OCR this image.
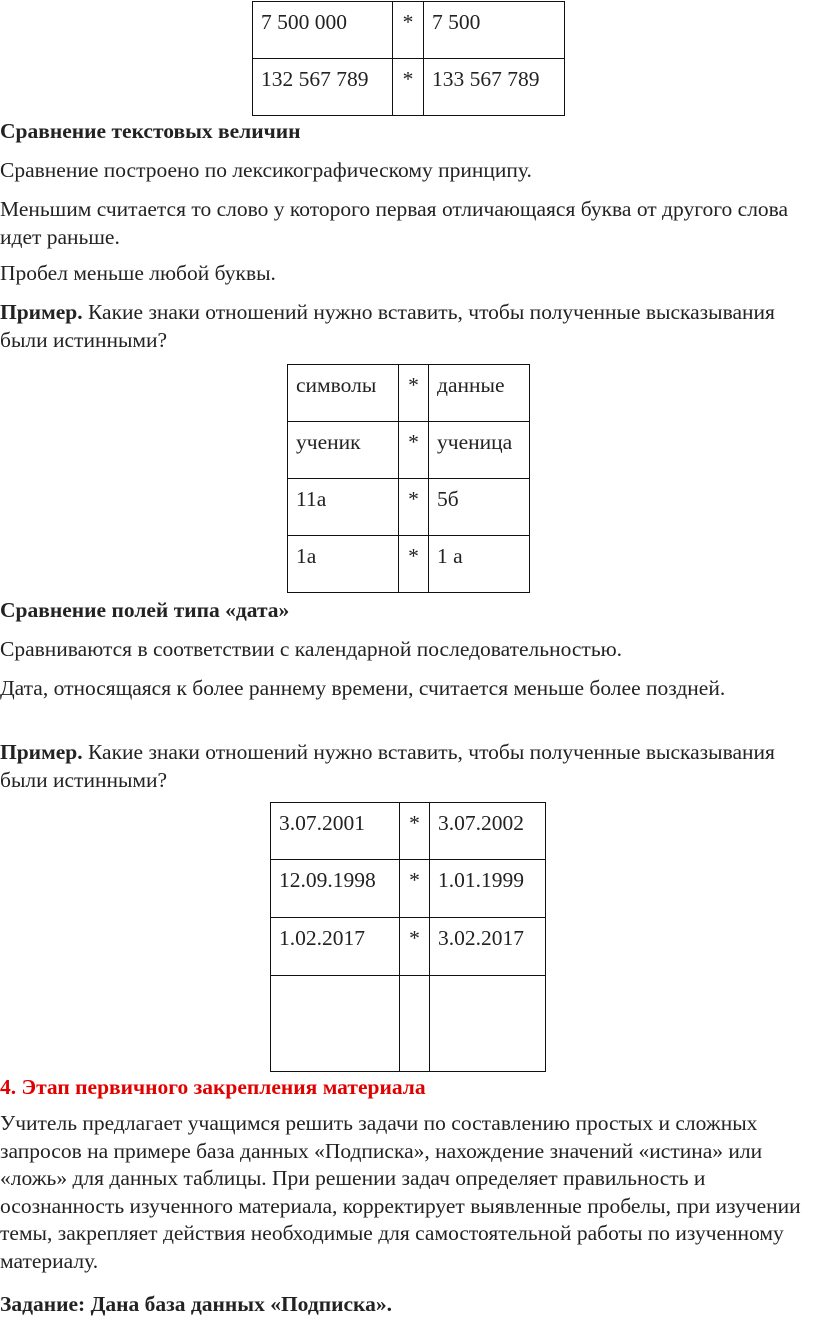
7 500 000	*	7 500
132 567 789	*	133 567 789

Сравнение текстовых величин

Сравнение построено по лексикографическому принципу.

Меньшим считается то слово у которого первая отличающаяся буква от другого слова идет раньше.

Пробел меньше любой буквы.

Пример. Какие знаки отношений нужно вставить, чтобы полученные высказывания были истинными?

символы	*	данные
ученик	*	ученица
11а	*	5б
1а	*	1 а

Сравнение полей типа «дата»

Сравниваются в соответствии с календарной последовательностью.

Дата, относящаяся к более раннему времени, считается меньше более поздней.

Пример. Какие знаки отношений нужно вставить, чтобы полученные высказывания были истинными?

3.07.2001	*	3.07.2002
12.09.1998	*	1.01.1999
1.02.2017	*	3.02.2017

4. Этап первичного закрепления материала

Учитель предлагает учащимся решить задачи по составлению простых и сложных запросов на примере база данных «Подписка», нахождение значений «истина» или «ложь» для данных таблицы. При решении задач определяет правильность и осознанность изученного материала, корректирует выявленные пробелы, при изучении темы, закрепляет действия необходимые для самостоятельной работы по изученному материалу.

Задание: Дана база данных «Подписка».
